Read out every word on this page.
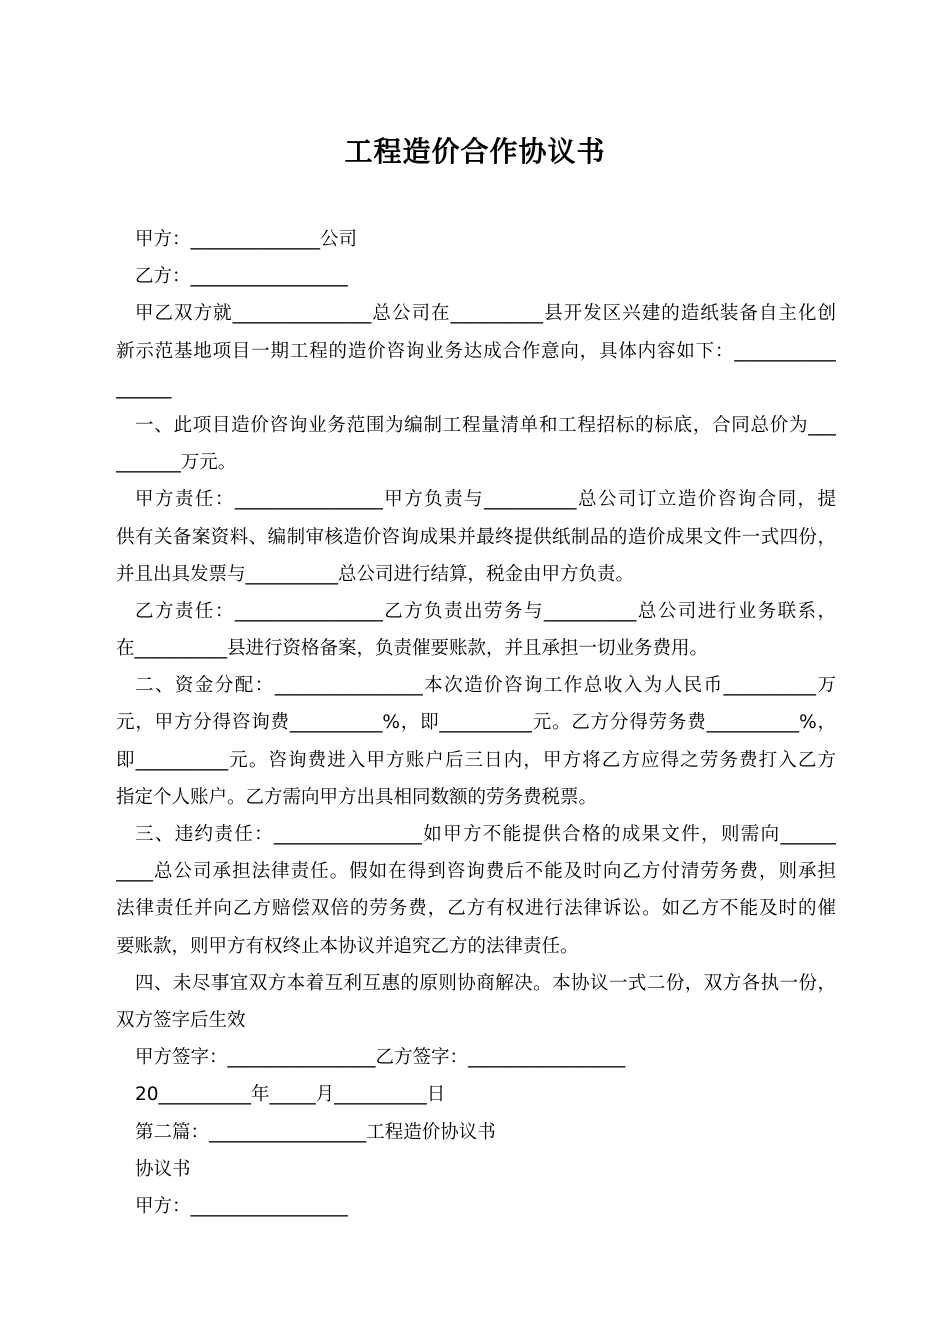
工程造价合作协议书
甲方：______________公司
乙方：_________________
甲乙双方就_______________总公司在__________县开发区兴建的造纸装备自主化创
新示范基地项目一期工程的造价咨询业务达成合作意向，具体内容如下：___________
______
一、此项目造价咨询业务范围为编制工程量清单和工程招标的标底，合同总价为___
_______万元。
甲方责任：________________甲方负责与__________总公司订立造价咨询合同，提
供有关备案资料、编制审核造价咨询成果并最终提供纸制品的造价成果文件一式四份，
并且出具发票与__________总公司进行结算，税金由甲方负责。
乙方责任：________________乙方负责出劳务与__________总公司进行业务联系，
在__________县进行资格备案，负责催要账款，并且承担一切业务费用。
二、资金分配：________________本次造价咨询工作总收入为人民币__________万
元，甲方分得咨询费__________%，即__________元。乙方分得劳务费__________%，
即__________元。咨询费进入甲方账户后三日内，甲方将乙方应得之劳务费打入乙方
指定个人账户。乙方需向甲方出具相同数额的劳务费税票。
三、违约责任：________________如甲方不能提供合格的成果文件，则需向______
____总公司承担法律责任。假如在得到咨询费后不能及时向乙方付清劳务费，则承担
法律责任并向乙方赔偿双倍的劳务费，乙方有权进行法律诉讼。如乙方不能及时的催
要账款，则甲方有权终止本协议并追究乙方的法律责任。
四、未尽事宜双方本着互利互惠的原则协商解决。本协议一式二份，双方各执一份，
双方签字后生效
甲方签字：________________乙方签字：_________________
20__________年_____月__________日
第二篇：_________________工程造价协议书
协议书
甲方：_________________
